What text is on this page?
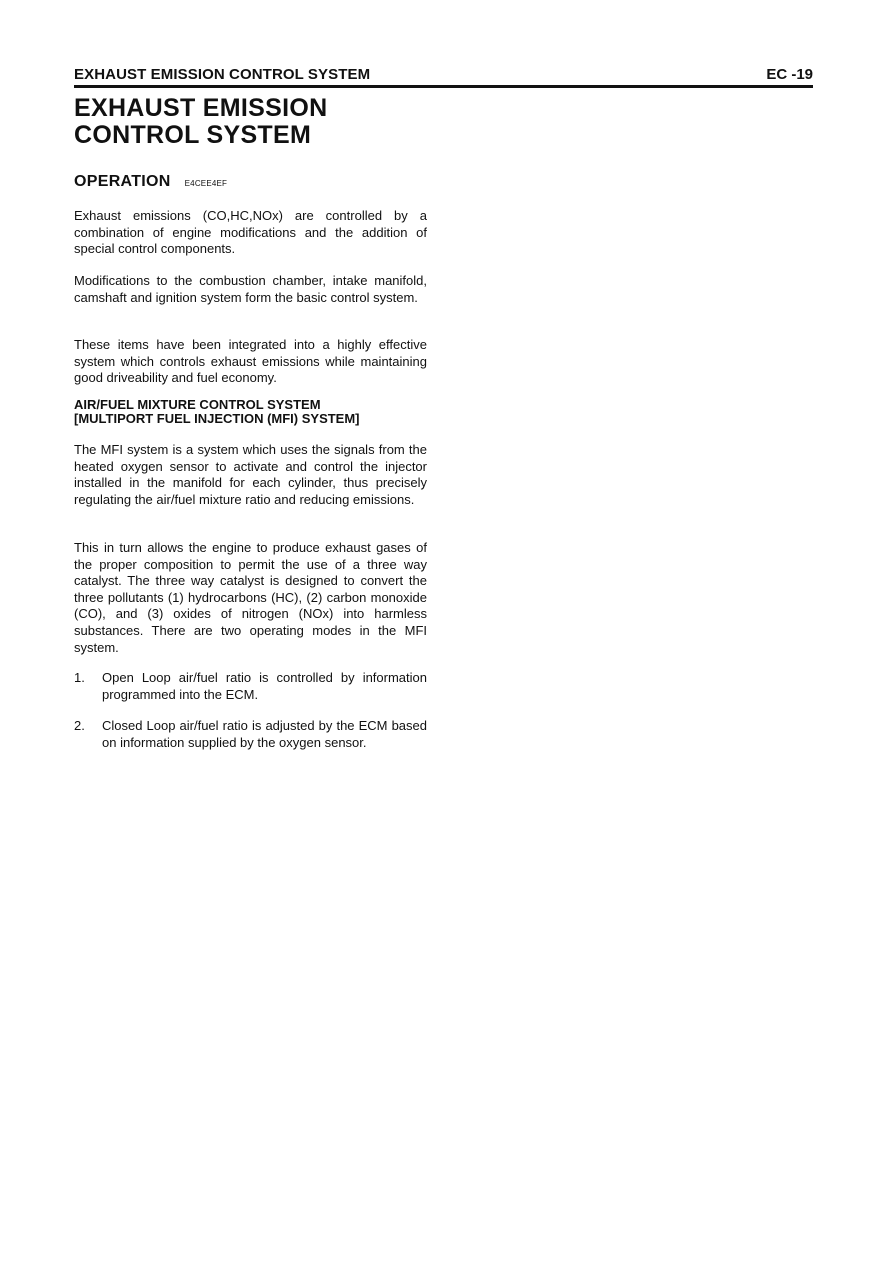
EXHAUST EMISSION CONTROL SYSTEM	EC -19
EXHAUST EMISSION
CONTROL SYSTEM
OPERATION E4CEE4EF
Exhaust emissions (CO,HC,NOx) are controlled by a combination of engine modifications and the addition of special control components.
Modifications to the combustion chamber, intake manifold, camshaft and ignition system form the basic control system.
These items have been integrated into a highly effective system which controls exhaust emissions while maintaining good driveability and fuel economy.
AIR/FUEL MIXTURE CONTROL SYSTEM
[MULTIPORT FUEL INJECTION (MFI) SYSTEM]
The MFI system is a system which uses the signals from the heated oxygen sensor to activate and control the injector installed in the manifold for each cylinder, thus precisely regulating the air/fuel mixture ratio and reducing emissions.
This in turn allows the engine to produce exhaust gases of the proper composition to permit the use of a three way catalyst. The three way catalyst is designed to convert the three pollutants (1) hydrocarbons (HC), (2) carbon monoxide (CO), and (3) oxides of nitrogen (NOx) into harmless substances. There are two operating modes in the MFI system.
1. Open Loop air/fuel ratio is controlled by information programmed into the ECM.
2. Closed Loop air/fuel ratio is adjusted by the ECM based on information supplied by the oxygen sensor.
